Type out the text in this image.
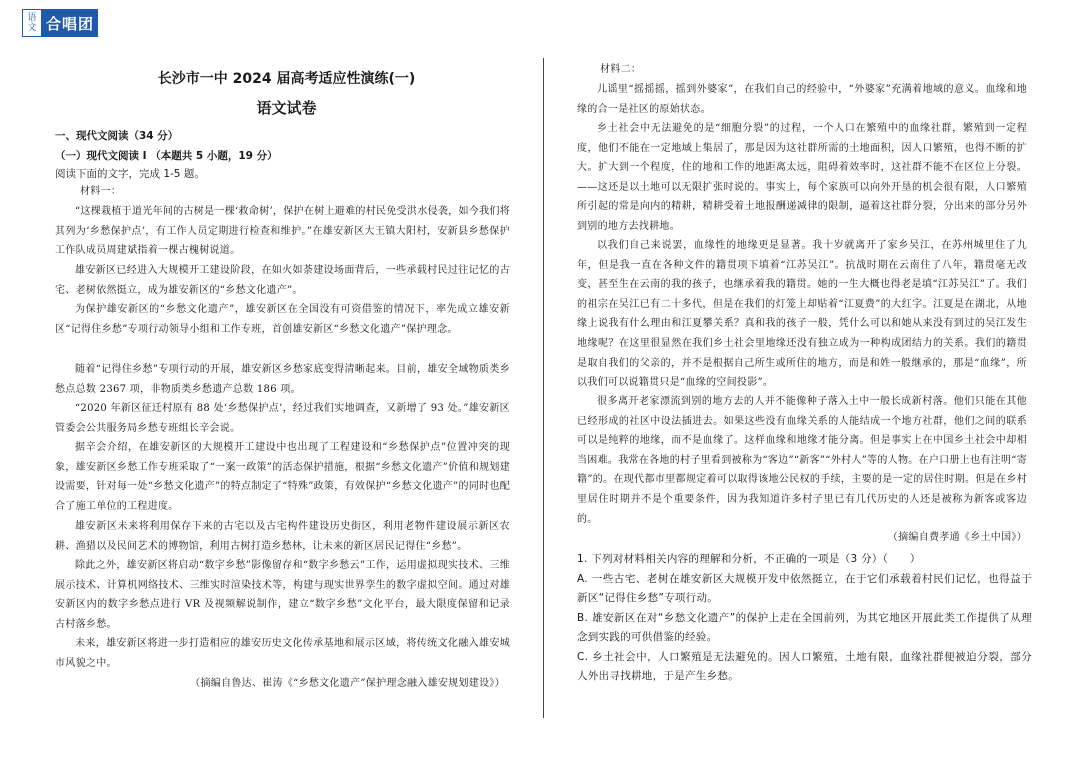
语
文 合唱团
长沙市一中 2024 届高考适应性演练(一)
语文试卷
一、现代文阅读（34 分）
（一）现代文阅读 I （本题共 5 小题，19 分）
阅读下面的文字，完成 1-5 题。
材料一：
“这棵栽植于道光年间的古树是一棵‘救命树’，保护在树上避难的村民免受洪水侵袭，如今我们将其列为‘乡愁保护点’，有工作人员定期进行检查和维护。”在雄安新区大王镇大阳村，安新县乡愁保护工作队成员周建斌指着一棵古槐树说道。
雄安新区已经进入大规模开工建设阶段，在如火如荼建设场面背后，一些承载村民过往记忆的古宅、老树依然挺立，成为雄安新区的“乡愁文化遗产”。
为保护雄安新区的“乡愁文化遗产”，雄安新区在全国没有可资借鉴的情况下，率先成立雄安新区“记得住乡愁”专项行动领导小组和工作专班，首创雄安新区“乡愁文化遗产”保护理念。
随着“记得住乡愁”专项行动的开展，雄安新区乡愁家底变得清晰起来。目前，雄安全域物质类乡愁点总数 2367 项，非物质类乡愁遗产总数 186 项。
“2020 年新区征迁村原有 88 处‘乡愁保护点’，经过我们实地调查，又新增了 93 处。”雄安新区管委会公共服务局乡愁专班组长辛会说。
据辛会介绍，在雄安新区的大规模开工建设中也出现了工程建设和“乡愁保护点”位置冲突的现象，雄安新区乡愁工作专班采取了“一案一政策”的活态保护措施，根据“乡愁文化遗产”价值和规划建设需要，针对每一处“乡愁文化遗产”的特点制定了“特殊”政策，有效保护“乡愁文化遗产”的同时也配合了施工单位的工程进度。
雄安新区未来将利用保存下来的古宅以及古宅构件建设历史街区，利用老物件建设展示新区农耕、渔猎以及民间艺术的博物馆，利用古树打造乡愁林，让未来的新区居民记得住“乡愁”。
除此之外，雄安新区将启动“数字乡愁”影像留存和“数字乡愁云”工作，运用虚拟现实技术、三维展示技术、计算机网络技术、三维实时渲染技术等，构建与现实世界孪生的数字虚拟空间。通过对雄安新区内的数字乡愁点进行 VR 及视频解说制作，建立“数字乡愁”文化平台，最大限度保留和记录古村落乡愁。
未来，雄安新区将进一步打造相应的雄安历史文化传承基地和展示区域，将传统文化融入雄安城市风貌之中。
（摘编自鲁达、崔涛《“乡愁文化遗产”保护理念融入雄安规划建设》）
材料二：
儿谣里“摇摇摇，摇到外婆家”，在我们自己的经验中，“外婆家”充满着地域的意义。血缘和地缘的合一是社区的原始状态。
乡土社会中无法避免的是“细胞分裂”的过程，一个人口在繁殖中的血缘社群，繁殖到一定程度，他们不能在一定地域上集居了，那是因为这社群所需的土地面积，因人口繁殖，也得不断的扩大。扩大到一个程度，住的地和工作的地距离太远，阻碍着效率时，这社群不能不在区位上分裂。——这还是以土地可以无限扩张时说的。事实上，每个家族可以向外开垦的机会很有限，人口繁殖所引起的常是向内的精耕，精耕受着土地报酬递减律的限制，逼着这社群分裂，分出来的部分另外到别的地方去找耕地。
以我们自己来说罢，血缘性的地缘更是显著。我十岁就离开了家乡吴江，在苏州城里住了九年，但是我一直在各种文件的籍贯项下填着“江苏吴江”。抗战时期在云南住了八年，籍贯毫无改变，甚至生在云南的我的孩子，也继承着我的籍贯。她的一生大概也得老是填“江苏吴江”了。我们的祖宗在吴江已有二十多代，但是在我们的灯笼上却贴着“江夏费”的大红字。江夏是在湖北，从地缘上说我有什么理由和江夏攀关系？真和我的孩子一般，凭什么可以和她从来没有到过的吴江发生地缘呢？在这里很显然在我们乡土社会里地缘还没有独立成为一种构成团结力的关系。我们的籍贯是取自我们的父亲的，并不是根据自己所生或所住的地方，而是和姓一般继承的，那是“血缘”，所以我们可以说籍贯只是“血缘的空间投影”。
很多离开老家漂流到别的地方去的人并不能像种子落入土中一般长成新村落。他们只能在其他已经形成的社区中设法插进去。如果这些没有血缘关系的人能结成一个地方社群，他们之间的联系可以是纯粹的地缘，而不是血缘了。这样血缘和地缘才能分离。但是事实上在中国乡土社会中却相当困难。我常在各地的村子里看到被称为“客边”“新客”“外村人”等的人物。在户口册上也有注明“寄籍”的。在现代都市里都规定着可以取得该地公民权的手续，主要的是一定的居住时期。但是在乡村里居住时期并不是个重要条件，因为我知道许多村子里已有几代历史的人还是被称为新客或客边的。
（摘编自费孝通《乡土中国》）
1. 下列对材料相关内容的理解和分析，不正确的一项是（3 分）（　　）
A. 一些古宅、老树在雄安新区大规模开发中依然挺立，在于它们承载着村民们记忆，也得益于新区“记得住乡愁”专项行动。
B. 雄安新区在对“乡愁文化遗产”的保护上走在全国前列，为其它地区开展此类工作提供了从理念到实践的可供借鉴的经验。
C. 乡土社会中，人口繁殖是无法避免的。因人口繁殖，土地有限，血缘社群便被迫分裂，部分人外出寻找耕地，于是产生乡愁。
